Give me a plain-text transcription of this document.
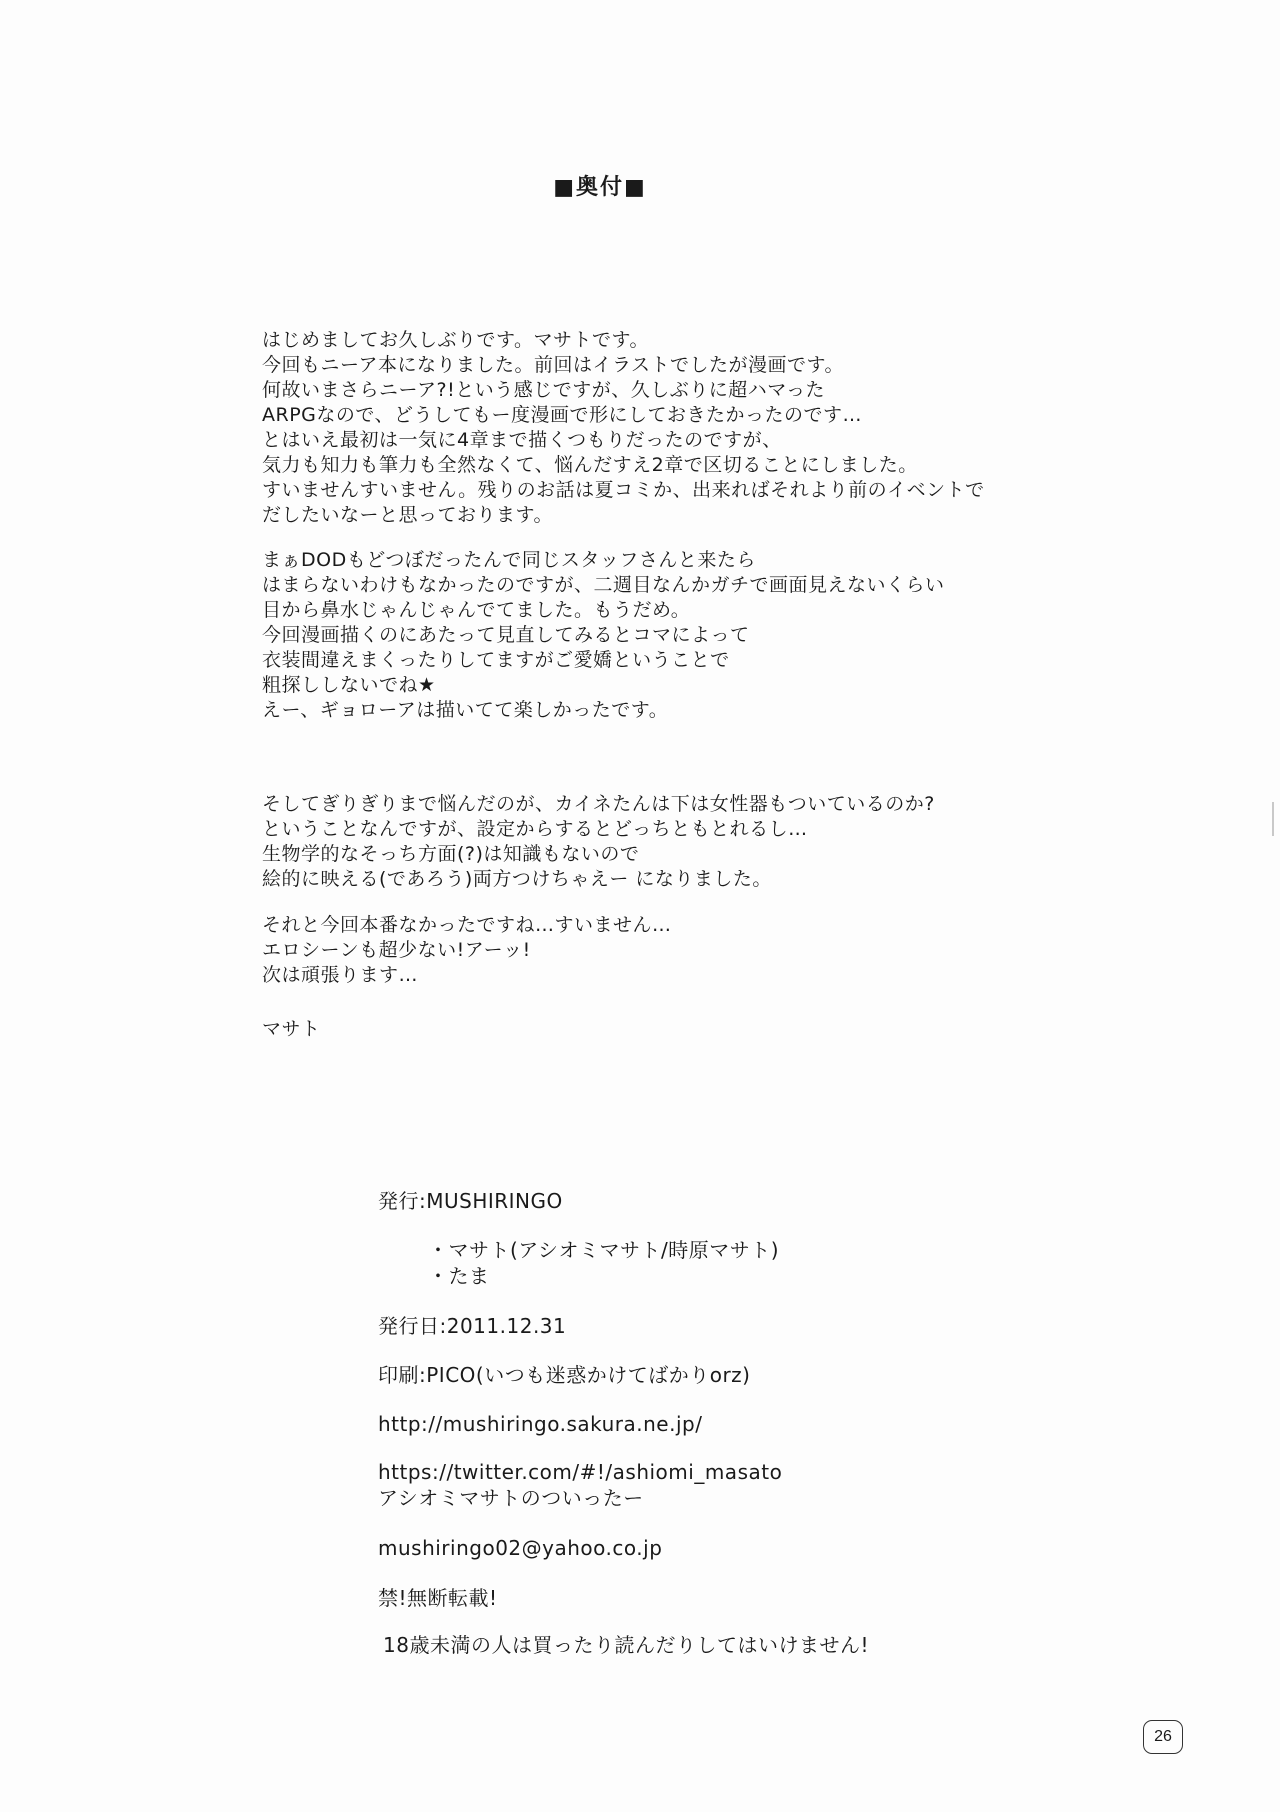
■奥付■
はじめましてお久しぶりです。マサトです。
今回もニーア本になりました。前回はイラストでしたが漫画です。
何故いまさらニーア?!という感じですが、久しぶりに超ハマった
ARPGなので、どうしてもー度漫画で形にしておきたかったのです…
とはいえ最初は一気に4章まで描くつもりだったのですが、
気力も知力も筆力も全然なくて、悩んだすえ2章で区切ることにしました。
すいませんすいません。残りのお話は夏コミか、出来ればそれより前のイベントで
だしたいなーと思っております。
まぁDODもどつぼだったんで同じスタッフさんと来たら
はまらないわけもなかったのですが、二週目なんかガチで画面見えないくらい
目から鼻水じゃんじゃんでてました。もうだめ。
今回漫画描くのにあたって見直してみるとコマによって
衣装間違えまくったりしてますがご愛嬌ということで
粗探ししないでね★
えー、ギョローアは描いてて楽しかったです。
そしてぎりぎりまで悩んだのが、カイネたんは下は女性器もついているのか?
ということなんですが、設定からするとどっちともとれるし…
生物学的なそっち方面(?)は知識もないので
絵的に映える(であろう)両方つけちゃえー になりました。
それと今回本番なかったですね…すいません…
エロシーンも超少ない!アーッ!
次は頑張ります…
マサト
発行:MUSHIRINGO
・マサト(アシオミマサト/時原マサト)
・たま
発行日:2011.12.31
印刷:PICO(いつも迷惑かけてばかりorz)
http://mushiringo.sakura.ne.jp/
https://twitter.com/#!/ashiomi_masato
アシオミマサトのついったー
mushiringo02@yahoo.co.jp
禁!無断転載!
18歳未満の人は買ったり読んだりしてはいけません!
26
